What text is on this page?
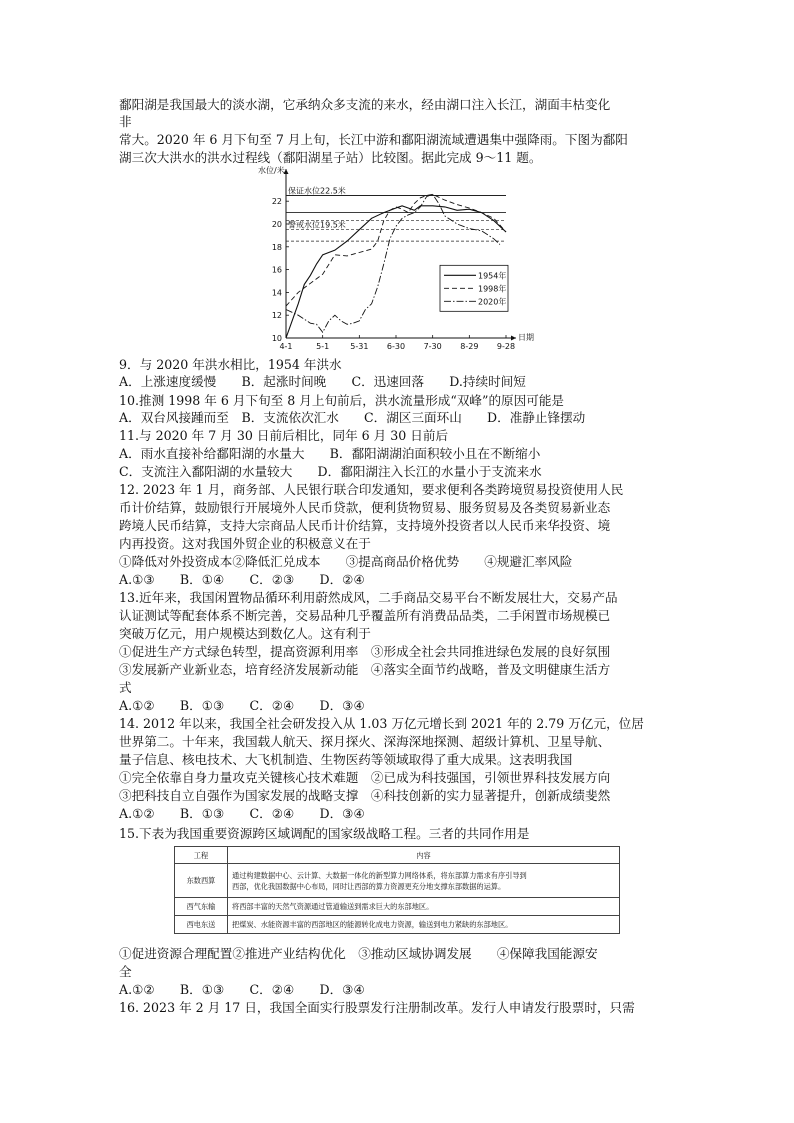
鄱阳湖是我国最大的淡水湖，它承纳众多支流的来水，经由湖口注入长江，湖面丰枯变化
非
常大。2020 年 6 月下旬至 7 月上旬，长江中游和鄱阳湖流域遭遇集中强降雨。下图为鄱阳
湖三次大洪水的洪水过程线（鄱阳湖星子站）比较图。据此完成 9～11 题。
10
12
14
16
18
20
22
4-1	5-1	5-31 6-30 7-30 8-29 9-28
水位/米
日期
保证水位22.5米
警戒水位19.5米
1954年
1998年
2020年
9．与 2020 年洪水相比，1954 年洪水
A．上涨速度缓慢　　B．起涨时间晚　　C．迅速回落　　D.持续时间短
10.推测 1998 年 6 月下旬至 8 月上旬前后，洪水流量形成“双峰”的原因可能是
A．双台风接踵而至　B．支流依次汇水　　C．湖区三面环山　　D．准静止锋摆动
11.与 2020 年 7 月 30 日前后相比，同年 6 月 30 日前后
A．雨水直接补给鄱阳湖的水量大　　B．鄱阳湖湖泊面积较小且在不断缩小
C．支流注入鄱阳湖的水量较大　　D．鄱阳湖注入长江的水量小于支流来水
12. 2023 年 1 月，商务部、人民银行联合印发通知，要求便利各类跨境贸易投资使用人民
币计价结算，鼓励银行开展境外人民币贷款，便利货物贸易、服务贸易及各类贸易新业态
跨境人民币结算，支持大宗商品人民币计价结算，支持境外投资者以人民币来华投资、境
内再投资。这对我国外贸企业的积极意义在于
①降低对外投资成本②降低汇兑成本　　③提高商品价格优势　　④规避汇率风险
A.①③　　B．①④　　C．②③　　D．②④
13.近年来，我国闲置物品循环利用蔚然成风，二手商品交易平台不断发展壮大，交易产品
认证测试等配套体系不断完善，交易品种几乎覆盖所有消费品品类，二手闲置市场规模已
突破万亿元，用户规模达到数亿人。这有利于
①促进生产方式绿色转型，提高资源利用率　③形成全社会共同推进绿色发展的良好氛围
③发展新产业新业态，培育经济发展新动能　④落实全面节约战略，普及文明健康生活方
式
A.①②　　B．①③　　C．②④　　D．③④
14. 2012 年以来，我国全社会研发投入从 1.03 万亿元增长到 2021 年的 2.79 万亿元，位居
世界第二。十年来，我国载人航天、探月探火、深海深地探测、超级计算机、卫星导航、
量子信息、核电技术、大飞机制造、生物医药等领域取得了重大成果。这表明我国
①完全依靠自身力量攻克关键核心技术难题　②已成为科技强国，引领世界科技发展方向
③把科技自立自强作为国家发展的战略支撑　④科技创新的实力显著提升，创新成绩斐然
A.①②　　B．①③　　C．②④　　D．③④
15.下表为我国重要资源跨区域调配的国家级战略工程。三者的共同作用是
工程	内容
东数西算	通过构建数据中心、云计算、大数据一体化的新型算力网络体系，将东部算力需求有序引导到
西部，优化我国数据中心布局，同时让西部的算力资源更充分地支撑东部数据的运算。

西气东输	将西部丰富的天然气资源通过管道输送到需求巨大的东部地区。
西电东送	把煤炭、水能资源丰富的西部地区的能源转化成电力资源，输送到电力紧缺的东部地区。
①促进资源合理配置②推进产业结构优化　③推动区域协调发展　　④保障我国能源安
全
A.①②　　B．①③　　C．②④　　D．③④
16. 2023 年 2 月 17 日，我国全面实行股票发行注册制改革。发行人申请发行股票时，只需
